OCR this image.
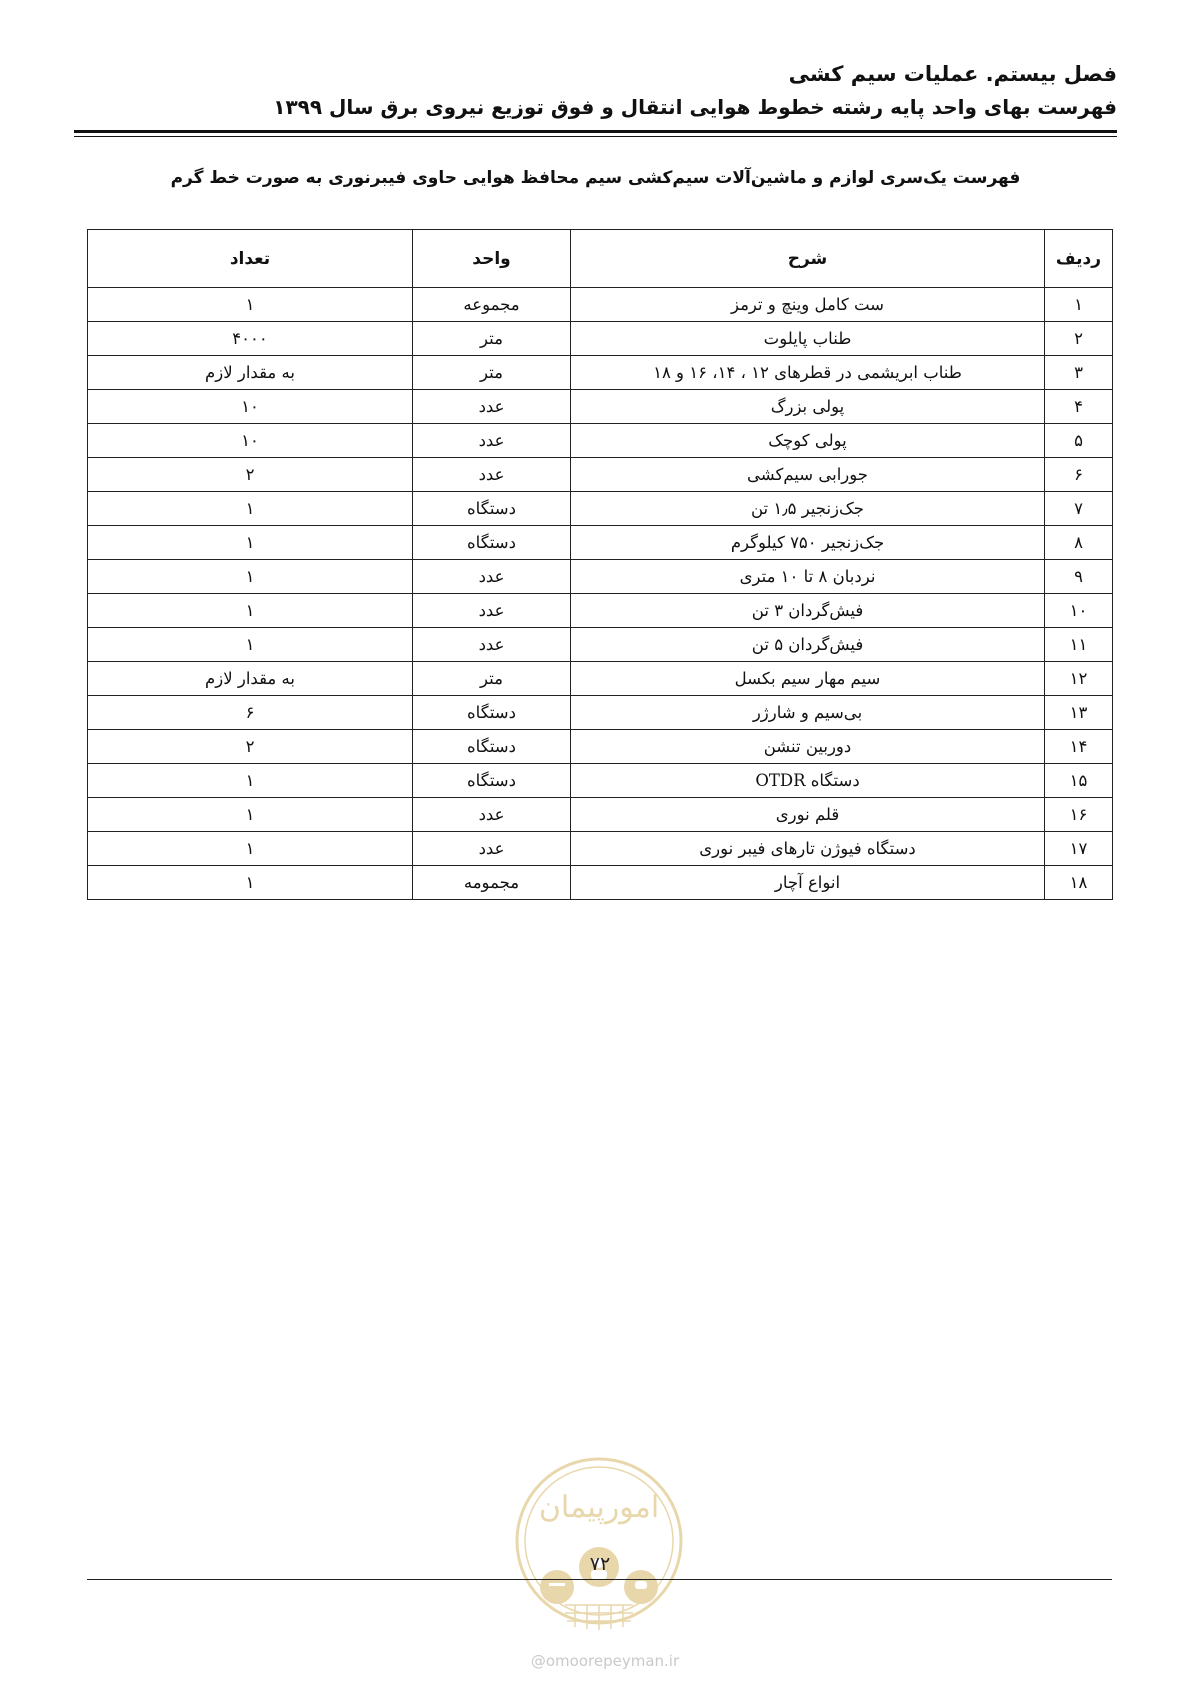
فصل بیستم. عملیات سیم کشی
فهرست بهای واحد پایه رشته خطوط هوایی انتقال و فوق توزیع نیروی برق سال ۱۳۹۹
فهرست یک‌سری لوازم و ماشین‌آلات سیم‌کشی سیم محافظ هوایی حاوی فیبرنوری به صورت خط گرم
ردیف	شرح	واحد	تعداد
۱	ست کامل وینچ و ترمز	مجموعه	۱
۲	طناب پایلوت	متر	۴۰۰۰
۳	طناب ابریشمی در قطرهای ۱۲ ، ۱۴، ۱۶ و ۱۸	متر	به مقدار لازم
۴	پولی بزرگ	عدد	۱۰
۵	پولی کوچک	عدد	۱۰
۶	جورابی سیم‌کشی	عدد	۲
۷	جک‌زنجیر ۱٫۵ تن	دستگاه	۱
۸	جک‌زنجیر ۷۵۰ کیلوگرم	دستگاه	۱
۹	نردبان ۸ تا ۱۰ متری	عدد	۱
۱۰	فیش‌گردان ۳ تن	عدد	۱
۱۱	فیش‌گردان ۵ تن	عدد	۱
۱۲	سیم مهار سیم بکسل	متر	به مقدار لازم
۱۳	بی‌سیم و شارژر	دستگاه	۶
۱۴	دوربین تنشن	دستگاه	۲
۱۵	دستگاه OTDR	دستگاه	۱
۱۶	قلم نوری	عدد	۱
۱۷	دستگاه فیوژن تارهای فیبر نوری	عدد	۱
۱۸	انواع آچار	مجمومه	۱
امورپیمان
۷۲
@omoorepeyman.ir
